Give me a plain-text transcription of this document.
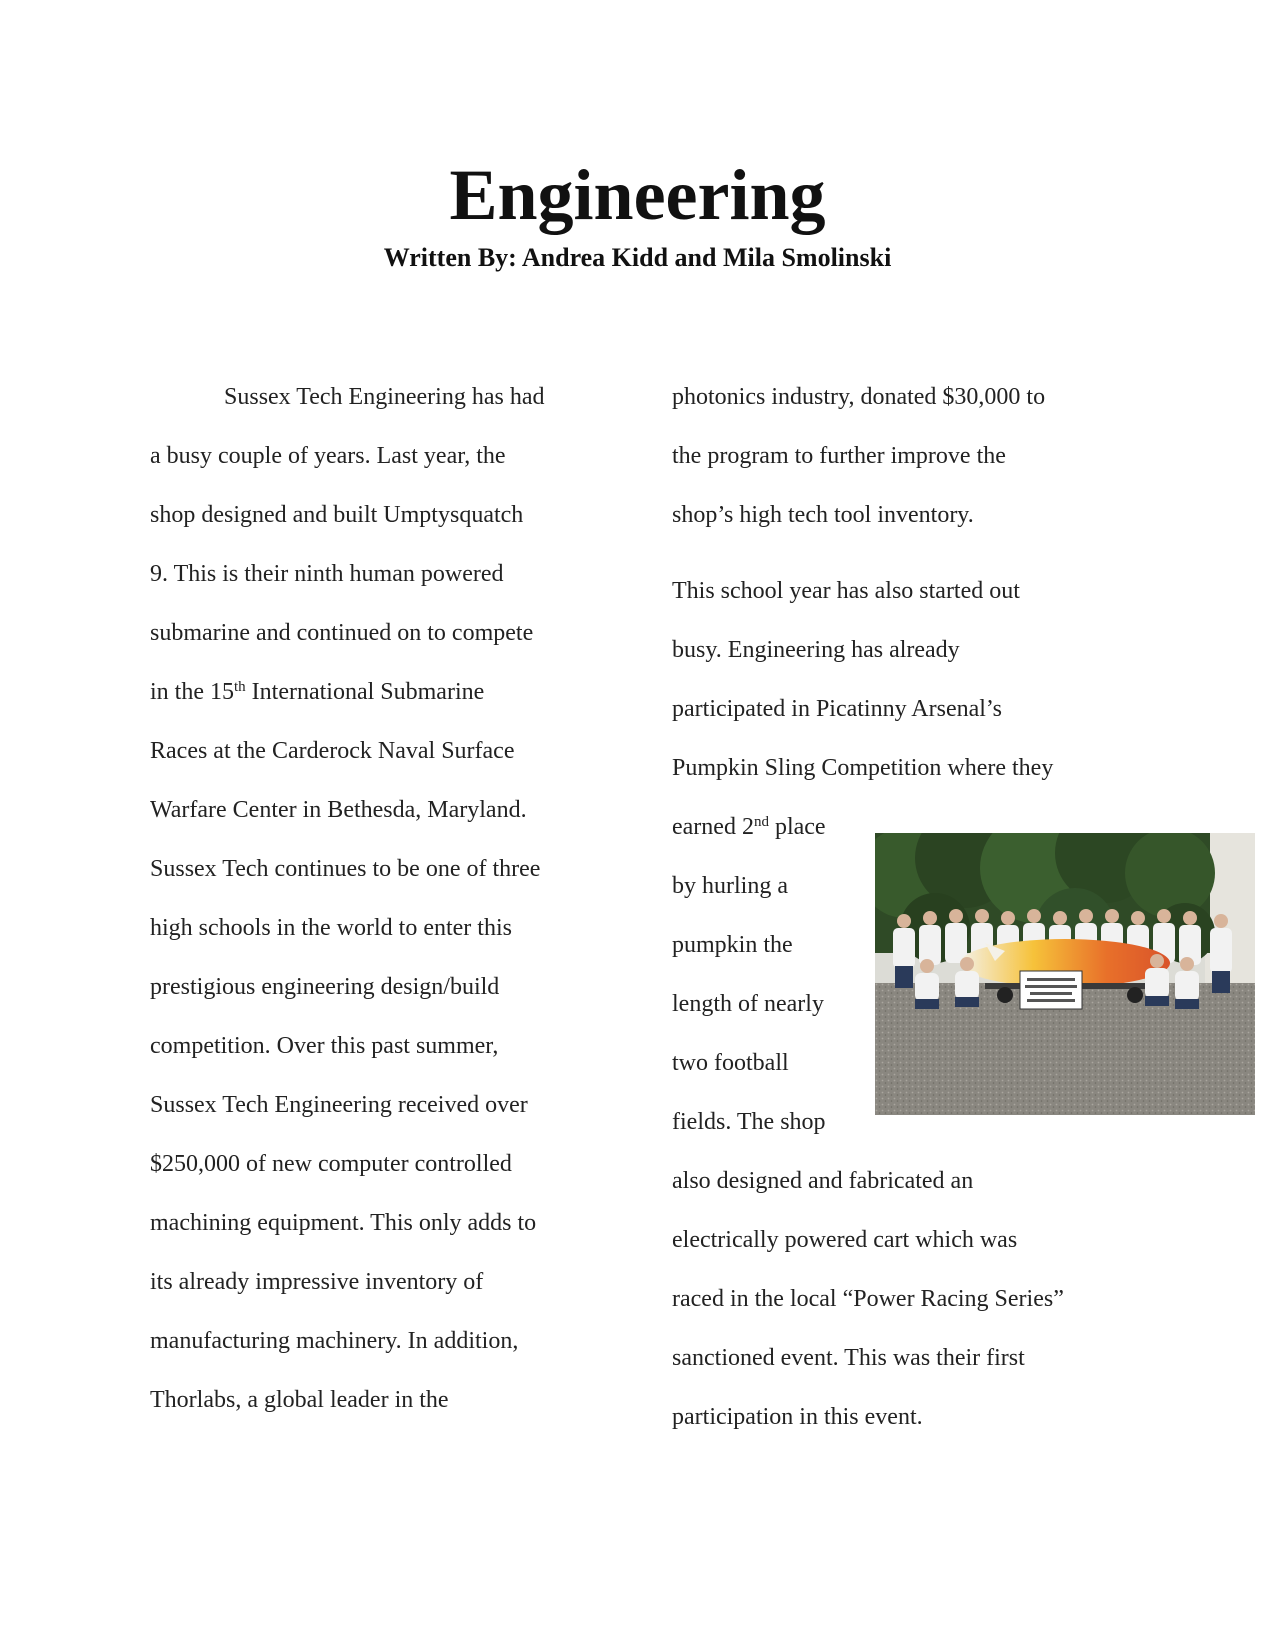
Engineering
Written By: Andrea Kidd and Mila Smolinski
Sussex Tech Engineering has had
a busy couple of years. Last year, the
shop designed and built Umptysquatch
9. This is their ninth human powered
submarine and continued on to compete
in the 15th International Submarine
Races at the Carderock Naval Surface
Warfare Center in Bethesda, Maryland.
Sussex Tech continues to be one of three
high schools in the world to enter this
prestigious engineering design/build
competition. Over this past summer,
Sussex Tech Engineering received over
$250,000 of new computer controlled
machining equipment. This only adds to
its already impressive inventory of
manufacturing machinery. In addition,
Thorlabs, a global leader in the
photonics industry, donated $30,000 to
the program to further improve the
shop’s high tech tool inventory.
This school year has also started out
busy. Engineering has already
participated in Picatinny Arsenal’s
Pumpkin Sling Competition where they
earned 2nd place
by hurling a
pumpkin the
length of nearly
two football
fields. The shop
also designed and fabricated an
electrically powered cart which was
raced in the local “Power Racing Series”
sanctioned event. This was their first
participation in this event.
